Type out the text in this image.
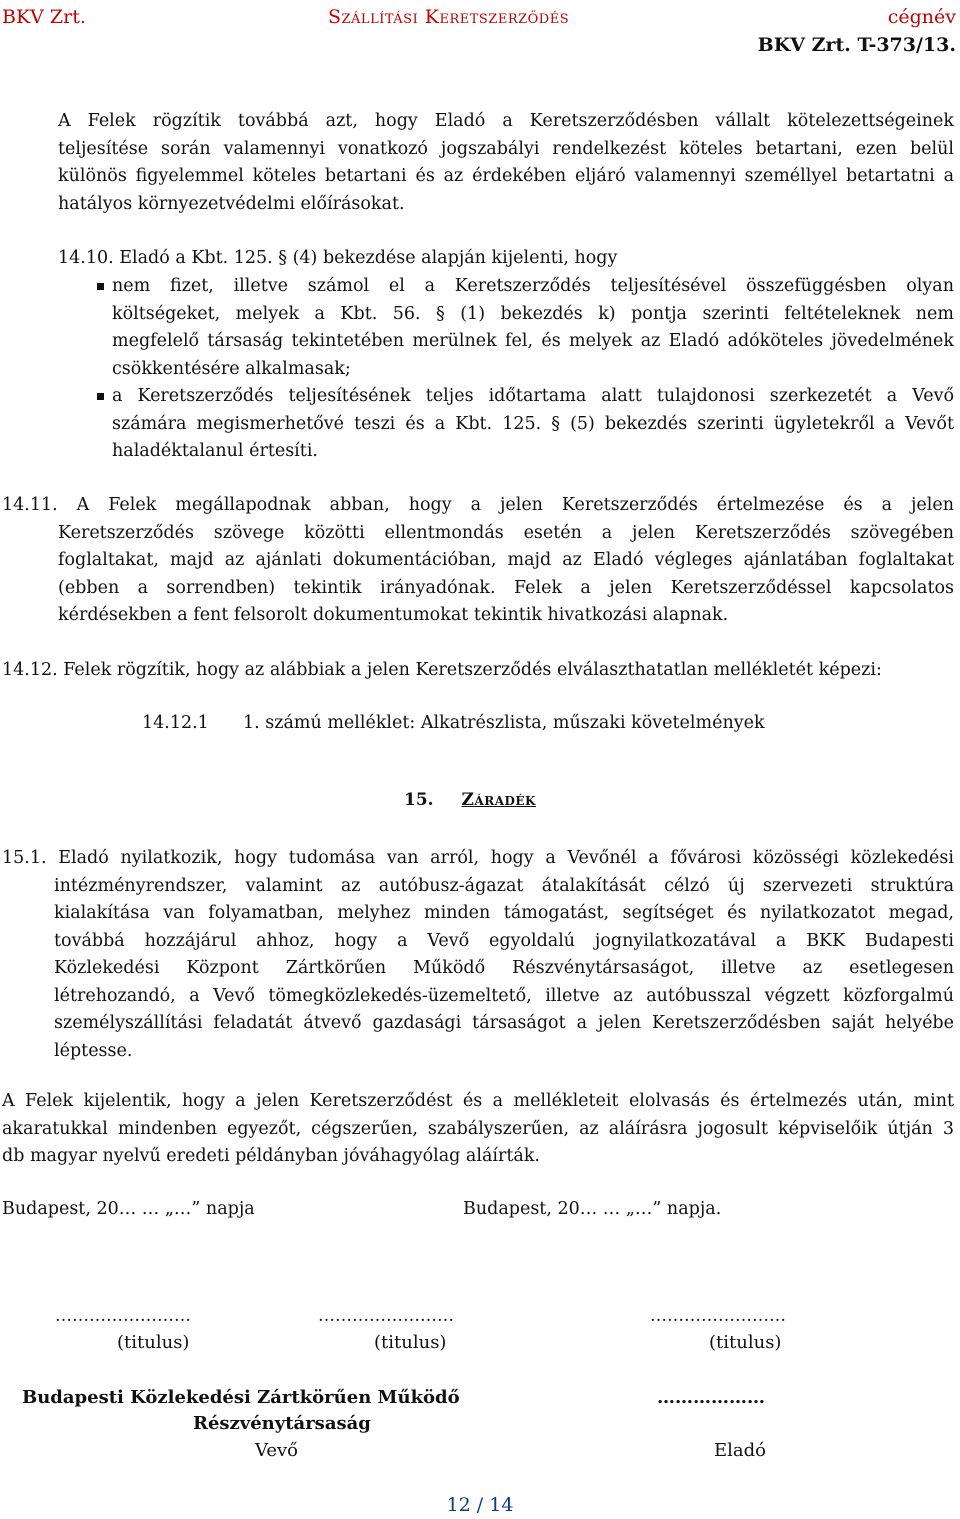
BKV Zrt.	Szállítási Keretszerződés	cégnév
BKV Zrt. T-373/13.

A Felek rögzítik továbbá azt, hogy Eladó a Keretszerződésben vállalt kötelezettségeinek

teljesítése során valamennyi vonatkozó jogszabályi rendelkezést köteles betartani, ezen belül

különös figyelemmel köteles betartani és az érdekében eljáró valamennyi személlyel betartatni a

hatályos környezetvédelmi előírásokat.

14.10. Eladó a Kbt. 125. § (4) bekezdése alapján kijelenti, hogy

nem fizet, illetve számol el a Keretszerződés teljesítésével összefüggésben olyan

költségeket, melyek a Kbt. 56. § (1) bekezdés k) pontja szerinti feltételeknek nem

megfelelő társaság tekintetében merülnek fel, és melyek az Eladó adóköteles jövedelmének

csökkentésére alkalmasak;

a Keretszerződés teljesítésének teljes időtartama alatt tulajdonosi szerkezetét a Vevő

számára megismerhetővé teszi és a Kbt. 125. § (5) bekezdés szerinti ügyletekről a Vevőt

haladéktalanul értesíti.

14.11. A Felek megállapodnak abban, hogy a jelen Keretszerződés értelmezése és a jelen

Keretszerződés szövege közötti ellentmondás esetén a jelen Keretszerződés szövegében

foglaltakat, majd az ajánlati dokumentációban, majd az Eladó végleges ajánlatában foglaltakat

(ebben a sorrendben) tekintik irányadónak. Felek a jelen Keretszerződéssel kapcsolatos

kérdésekben a fent felsorolt dokumentumokat tekintik hivatkozási alapnak.

14.12. Felek rögzítik, hogy az alábbiak a jelen Keretszerződés elválaszthatatlan mellékletét képezi:

14.12.1 1. számú melléklet: Alkatrészlista, műszaki követelmények

15. Záradék

15.1. Eladó nyilatkozik, hogy tudomása van arról, hogy a Vevőnél a fővárosi közösségi közlekedési

intézményrendszer, valamint az autóbusz-ágazat átalakítását célzó új szervezeti struktúra

kialakítása van folyamatban, melyhez minden támogatást, segítséget és nyilatkozatot megad,

továbbá hozzájárul ahhoz, hogy a Vevő egyoldalú jognyilatkozatával a BKK Budapesti

Közlekedési Központ Zártkörűen Működő Részvénytársaságot, illetve az esetlegesen

létrehozandó, a Vevő tömegközlekedés-üzemeltető, illetve az autóbusszal végzett közforgalmú

személyszállítási feladatát átvevő gazdasági társaságot a jelen Keretszerződésben saját helyébe

léptesse.

A Felek kijelentik, hogy a jelen Keretszerződést és a mellékleteit elolvasás és értelmezés után, mint

akaratukkal mindenben egyezőt, cégszerűen, szabályszerűen, az aláírásra jogosult képviselőik útján 3

db magyar nyelvű eredeti példányban jóváhagyólag aláírták.

Budapest, 20… … „…” napja	Budapest, 20… … „…” napja.

……………………	……………………	……………………
(titulus)	(titulus)	(titulus)
Budapesti Közlekedési Zártkörűen Működő
Részvénytársaság
Vevő
………………
Eladó
12 / 14
